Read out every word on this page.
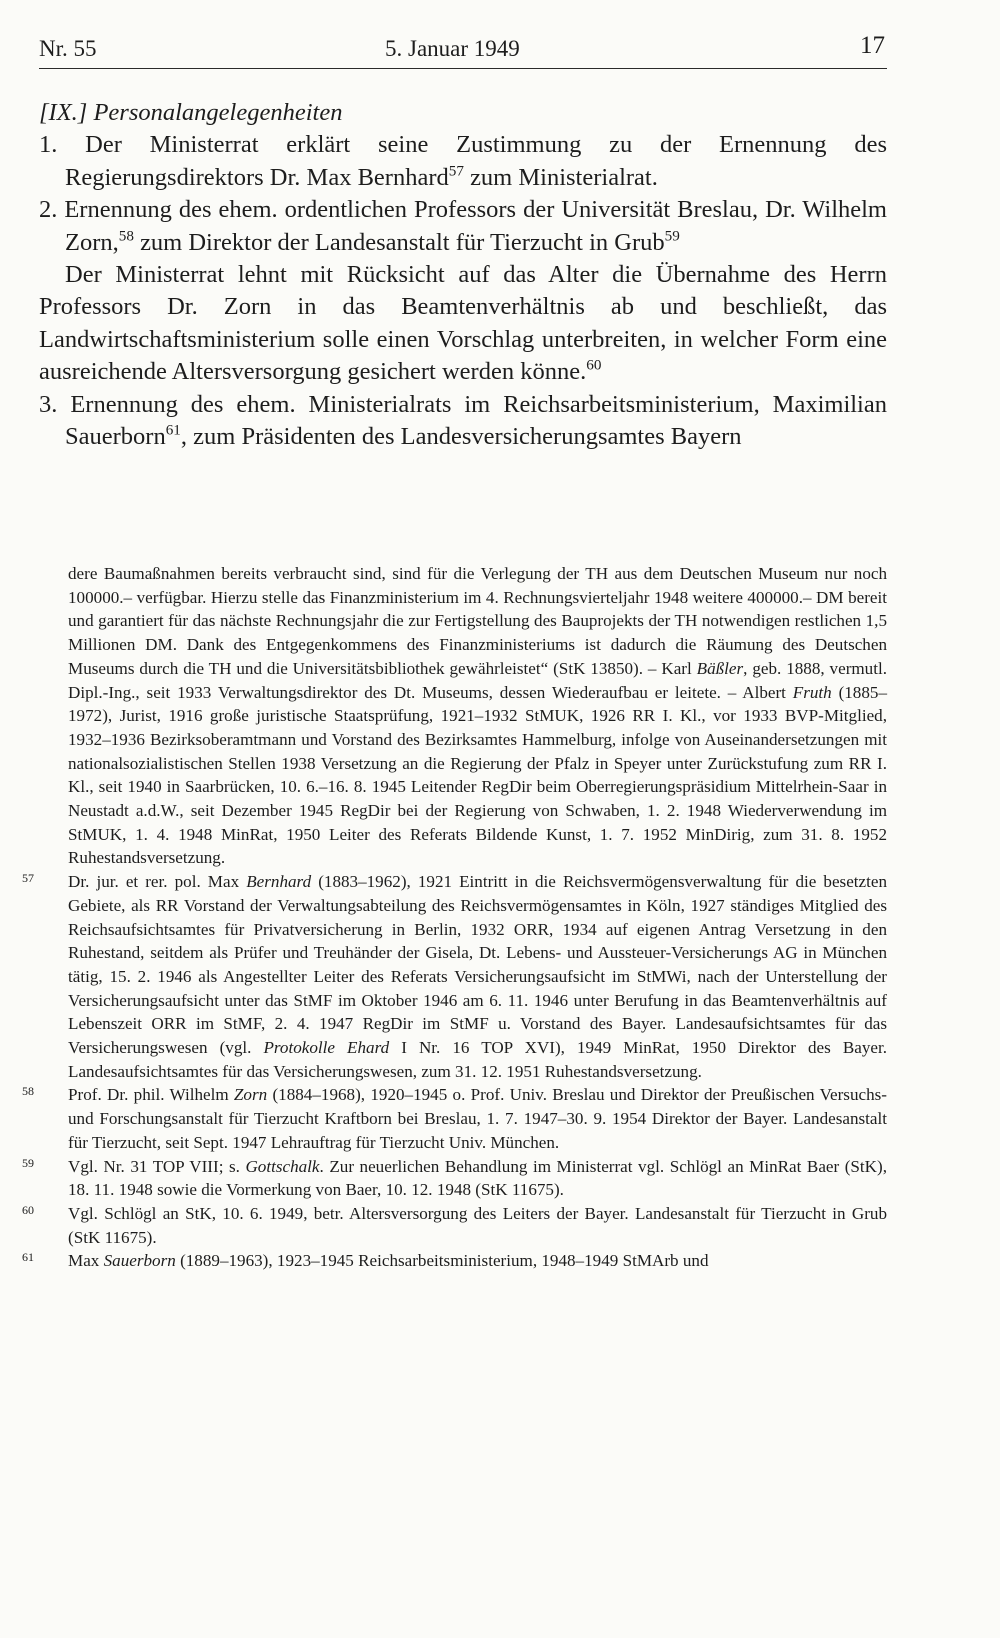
Nr. 55	5. Januar 1949	17

[IX.] Personalangelegenheiten

1. Der Ministerrat erklärt seine Zustimmung zu der Ernennung des Regierungsdirektors Dr. Max Bernhard$^{57}$ zum Ministerialrat.

2. Ernennung des ehem. ordentlichen Professors der Universität Breslau, Dr. Wilhelm Zorn,$^{58}$ zum Direktor der Landesanstalt für Tierzucht in Grub$^{59}$

Der Ministerrat lehnt mit Rücksicht auf das Alter die Übernahme des Herrn Professors Dr. Zorn in das Beamtenverhältnis ab und beschließt, das Landwirtschaftsministerium solle einen Vorschlag unterbreiten, in welcher Form eine ausreichende Altersversorgung gesichert werden könne.$^{60}$

3. Ernennung des ehem. Ministerialrats im Reichsarbeitsministerium, Maximilian Sauerborn$^{61}$, zum Präsidenten des Landesversicherungsamtes Bayern

dere Baumaßnahmen bereits verbraucht sind, sind für die Verlegung der TH aus dem Deutschen Museum nur noch 100000.– verfügbar. Hierzu stelle das Finanzministerium im 4. Rechnungsvierteljahr 1948 weitere 400000.– DM bereit und garantiert für das nächste Rechnungsjahr die zur Fertigstellung des Bauprojekts der TH notwendigen restlichen 1,5 Millionen DM. Dank des Entgegenkommens des Finanzministeriums ist dadurch die Räumung des Deutschen Museums durch die TH und die Universitätsbibliothek gewährleistet“ (StK 13850). – Karl Bäßler, geb. 1888, vermutl. Dipl.-Ing., seit 1933 Verwaltungsdirektor des Dt. Museums, dessen Wiederaufbau er leitete. – Albert Fruth (1885–1972), Jurist, 1916 große juristische Staatsprüfung, 1921–1932 StMUK, 1926 RR I. Kl., vor 1933 BVP-Mitglied, 1932–1936 Bezirksoberamtmann und Vorstand des Bezirksamtes Hammelburg, infolge von Auseinandersetzungen mit nationalsozialistischen Stellen 1938 Versetzung an die Regierung der Pfalz in Speyer unter Zurückstufung zum RR I. Kl., seit 1940 in Saarbrücken, 10. 6.–16. 8. 1945 Leitender RegDir beim Oberregierungspräsidium Mittelrhein-Saar in Neustadt a.d.W., seit Dezember 1945 RegDir bei der Regierung von Schwaben, 1. 2. 1948 Wiederverwendung im StMUK, 1. 4. 1948 MinRat, 1950 Leiter des Referats Bildende Kunst, 1. 7. 1952 MinDirig, zum 31. 8. 1952 Ruhestandsversetzung.

57 Dr. jur. et rer. pol. Max Bernhard (1883–1962), 1921 Eintritt in die Reichsvermögensverwaltung für die besetzten Gebiete, als RR Vorstand der Verwaltungsabteilung des Reichsvermögensamtes in Köln, 1927 ständiges Mitglied des Reichsaufsichtsamtes für Privatversicherung in Berlin, 1932 ORR, 1934 auf eigenen Antrag Versetzung in den Ruhestand, seitdem als Prüfer und Treuhänder der Gisela, Dt. Lebens- und Aussteuer-Versicherungs AG in München tätig, 15. 2. 1946 als Angestellter Leiter des Referats Versicherungsaufsicht im StMWi, nach der Unterstellung der Versicherungsaufsicht unter das StMF im Oktober 1946 am 6. 11. 1946 unter Berufung in das Beamtenverhältnis auf Lebenszeit ORR im StMF, 2. 4. 1947 RegDir im StMF u. Vorstand des Bayer. Landesaufsichtsamtes für das Versicherungswesen (vgl. Protokolle Ehard I Nr. 16 TOP XVI), 1949 MinRat, 1950 Direktor des Bayer. Landesaufsichtsamtes für das Versicherungswesen, zum 31. 12. 1951 Ruhestandsversetzung.

58 Prof. Dr. phil. Wilhelm Zorn (1884–1968), 1920–1945 o. Prof. Univ. Breslau und Direktor der Preußischen Versuchs- und Forschungsanstalt für Tierzucht Kraftborn bei Breslau, 1. 7. 1947–30. 9. 1954 Direktor der Bayer. Landesanstalt für Tierzucht, seit Sept. 1947 Lehrauftrag für Tierzucht Univ. München.

59 Vgl. Nr. 31 TOP VIII; s. Gottschalk. Zur neuerlichen Behandlung im Ministerrat vgl. Schlögl an MinRat Baer (StK), 18. 11. 1948 sowie die Vormerkung von Baer, 10. 12. 1948 (StK 11675).

60 Vgl. Schlögl an StK, 10. 6. 1949, betr. Altersversorgung des Leiters der Bayer. Landesanstalt für Tierzucht in Grub (StK 11675).

61 Max Sauerborn (1889–1963), 1923–1945 Reichsarbeitsministerium, 1948–1949 StMArb und
